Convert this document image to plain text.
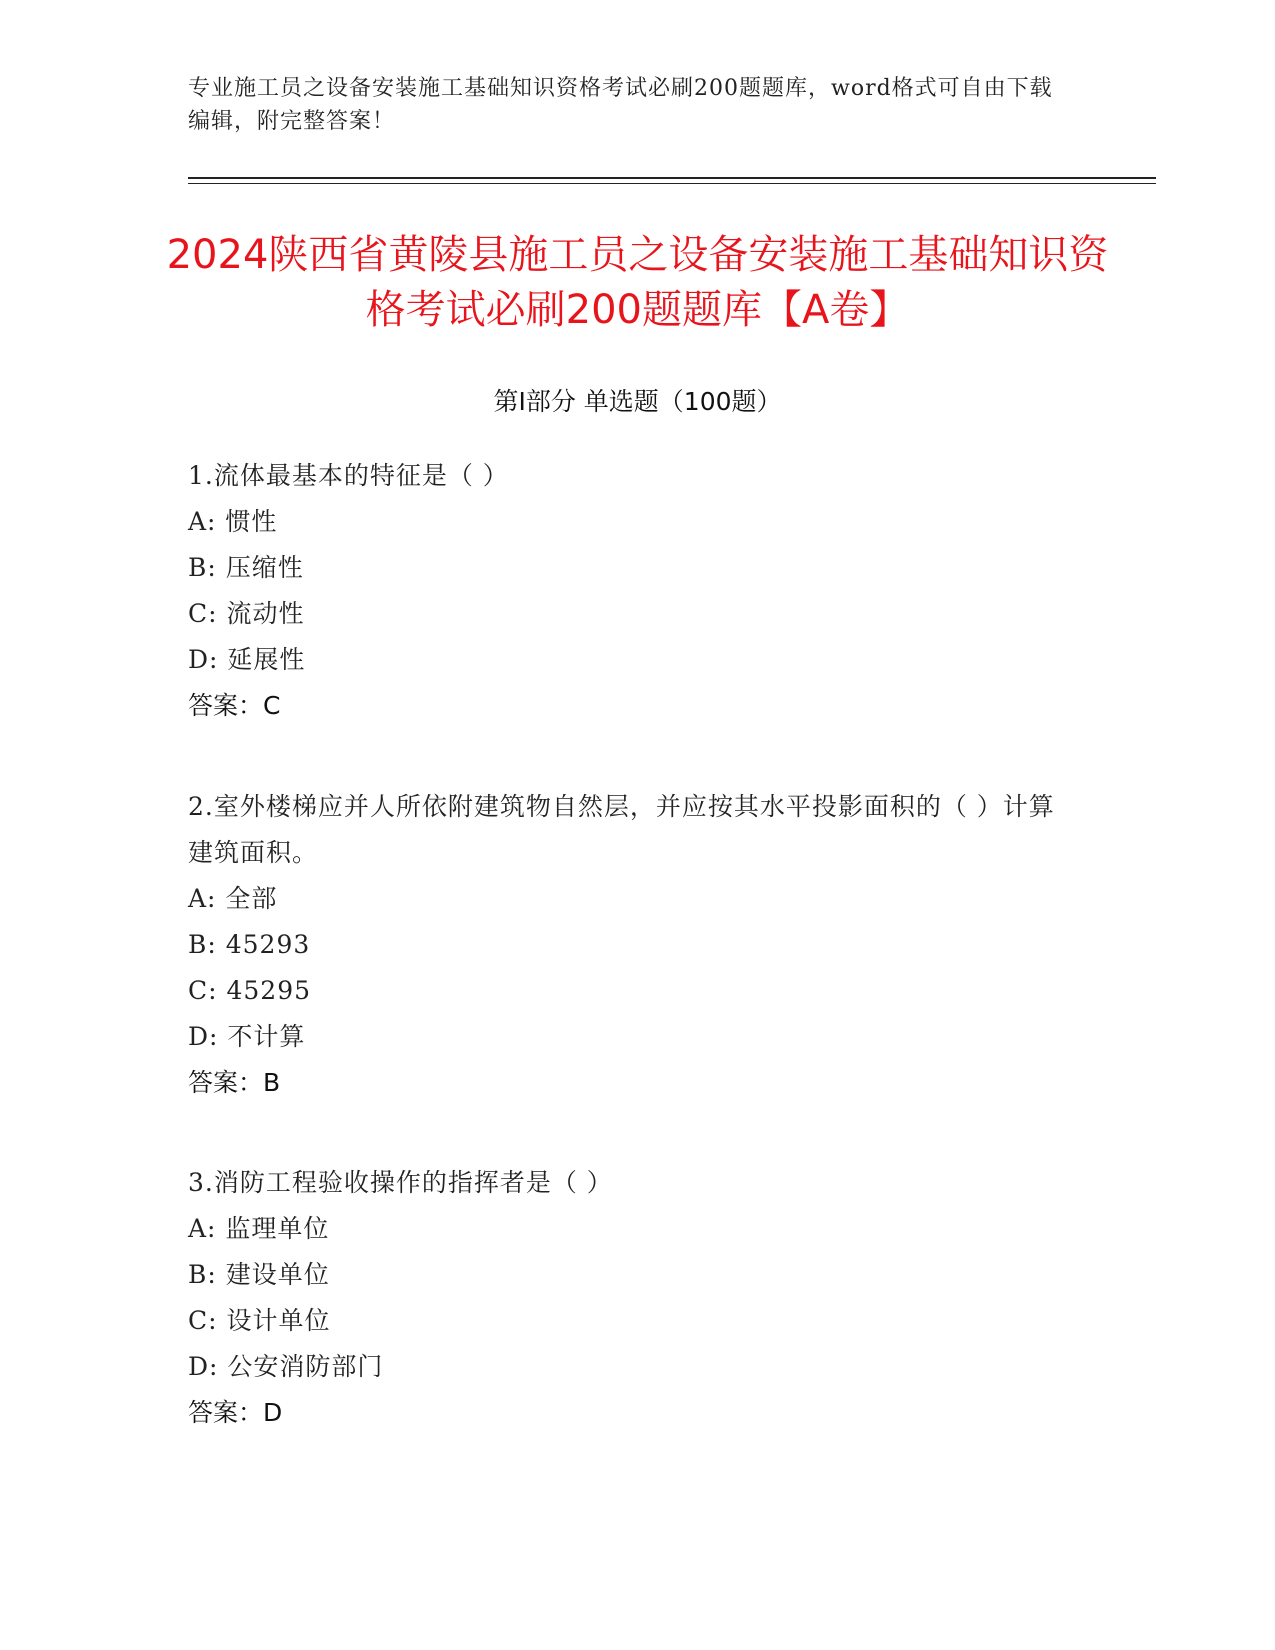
专业施工员之设备安装施工基础知识资格考试必刷200题题库，word格式可自由下载编辑，附完整答案！
2024陕西省黄陵县施工员之设备安装施工基础知识资格考试必刷200题题库【A卷】
第Ⅰ部分 单选题（100题）
1.流体最基本的特征是（ ）
A: 惯性
B: 压缩性
C: 流动性
D: 延展性
答案：C
2.室外楼梯应并人所依附建筑物自然层，并应按其水平投影面积的（ ）计算建筑面积。
A: 全部
B: 45293
C: 45295
D: 不计算
答案：B
3.消防工程验收操作的指挥者是（ ）
A: 监理单位
B: 建设单位
C: 设计单位
D: 公安消防部门
答案：D
